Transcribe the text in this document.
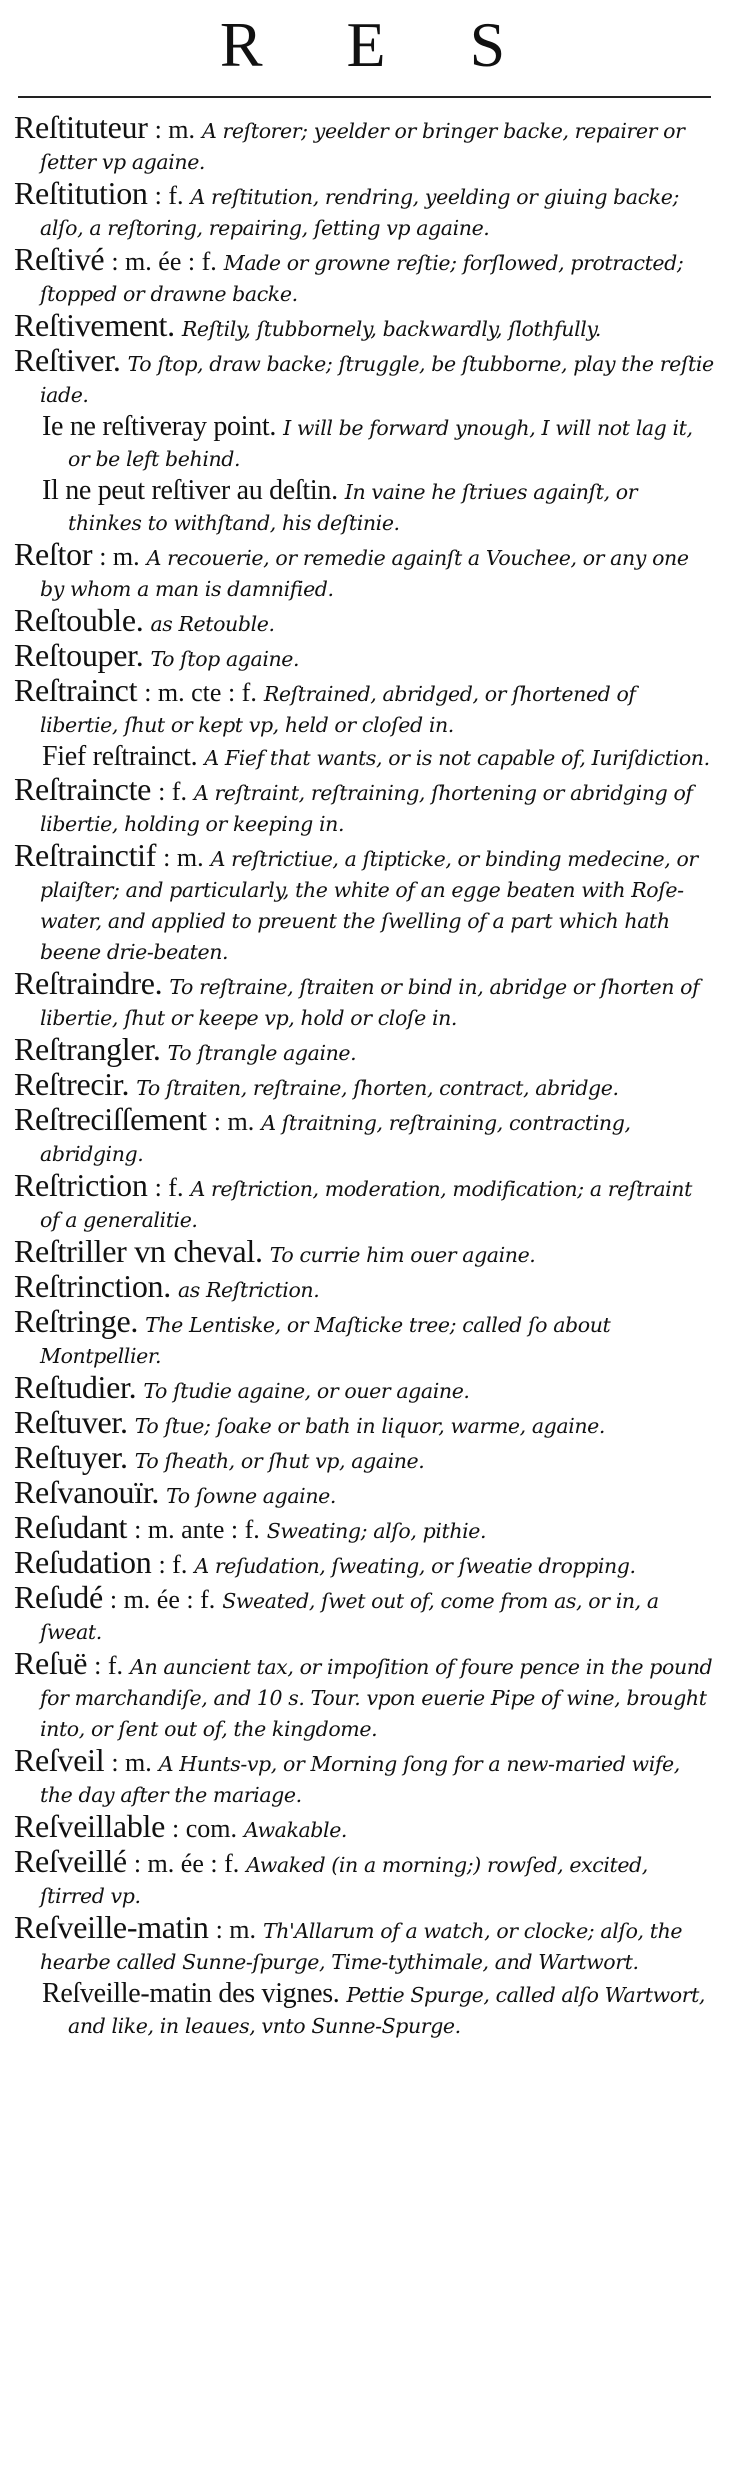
R E S

Reſtituteur : m. A reſtorer; yeelder or bringer backe, repairer or ſetter vp againe.

Reſtitution : f. A reſtitution, rendring, yeelding or giuing backe; alſo, a reſtoring, repairing, ſetting vp againe.

Reſtivé : m. ée : f. Made or growne reſtie; forſlowed, protracted; ſtopped or drawne backe.

Reſtivement. Reſtily, ſtubbornely, backwardly, ſlothfully.

Reſtiver. To ſtop, draw backe; ſtruggle, be ſtubborne, play the reſtie iade.

Ie ne reſtiveray point. I will be forward ynough, I will not lag it, or be left behind.

Il ne peut reſtiver au deſtin. In vaine he ſtriues againſt, or thinkes to withſtand, his deſtinie.

Reſtor : m. A recouerie, or remedie againſt a Vouchee, or any one by whom a man is damnified.

Reſtouble. as Retouble.

Reſtouper. To ſtop againe.

Reſtrainct : m. cte : f. Reſtrained, abridged, or ſhortened of libertie, ſhut or kept vp, held or cloſed in.

Fief reſtrainct. A Fief that wants, or is not capable of, Iuriſdiction.

Reſtraincte : f. A reſtraint, reſtraining, ſhortening or abridging of libertie, holding or keeping in.

Reſtrainctif : m. A reſtrictiue, a ſtipticke, or binding medecine, or plaiſter; and particularly, the white of an egge beaten with Roſe-water, and applied to preuent the ſwelling of a part which hath beene drie-beaten.

Reſtraindre. To reſtraine, ſtraiten or bind in, abridge or ſhorten of libertie, ſhut or keepe vp, hold or cloſe in.

Reſtrangler. To ſtrangle againe.

Reſtrecir. To ſtraiten, reſtraine, ſhorten, contract, abridge.

Reſtreciſſement : m. A ſtraitning, reſtraining, contracting, abridging.

Reſtriction : f. A reſtriction, moderation, modification; a reſtraint of a generalitie.

Reſtriller vn cheval. To currie him ouer againe.

Reſtrinction. as Reſtriction.

Reſtringe. The Lentiske, or Maſticke tree; called ſo about Montpellier.

Reſtudier. To ſtudie againe, or ouer againe.

Reſtuver. To ſtue; ſoake or bath in liquor, warme, againe.

Reſtuyer. To ſheath, or ſhut vp, againe.

Reſvanouïr. To ſowne againe.

Reſudant : m. ante : f. Sweating; alſo, pithie.

Reſudation : f. A reſudation, ſweating, or ſweatie dropping.

Reſudé : m. ée : f. Sweated, ſwet out of, come from as, or in, a ſweat.

Reſuë : f. An auncient tax, or impoſition of foure pence in the pound for marchandiſe, and 10 s. Tour. vpon euerie Pipe of wine, brought into, or ſent out of, the kingdome.

Reſveil : m. A Hunts-vp, or Morning ſong for a new-maried wife, the day after the mariage.

Reſveillable : com. Awakable.

Reſveillé : m. ée : f. Awaked (in a morning;) rowſed, excited, ſtirred vp.

Reſveille-matin : m. Th'Allarum of a watch, or clocke; alſo, the hearbe called Sunne-ſpurge, Time-tythimale, and Wartwort.

Reſveille-matin des vignes. Pettie Spurge, called alſo Wartwort, and like, in leaues, vnto Sunne-Spurge.
